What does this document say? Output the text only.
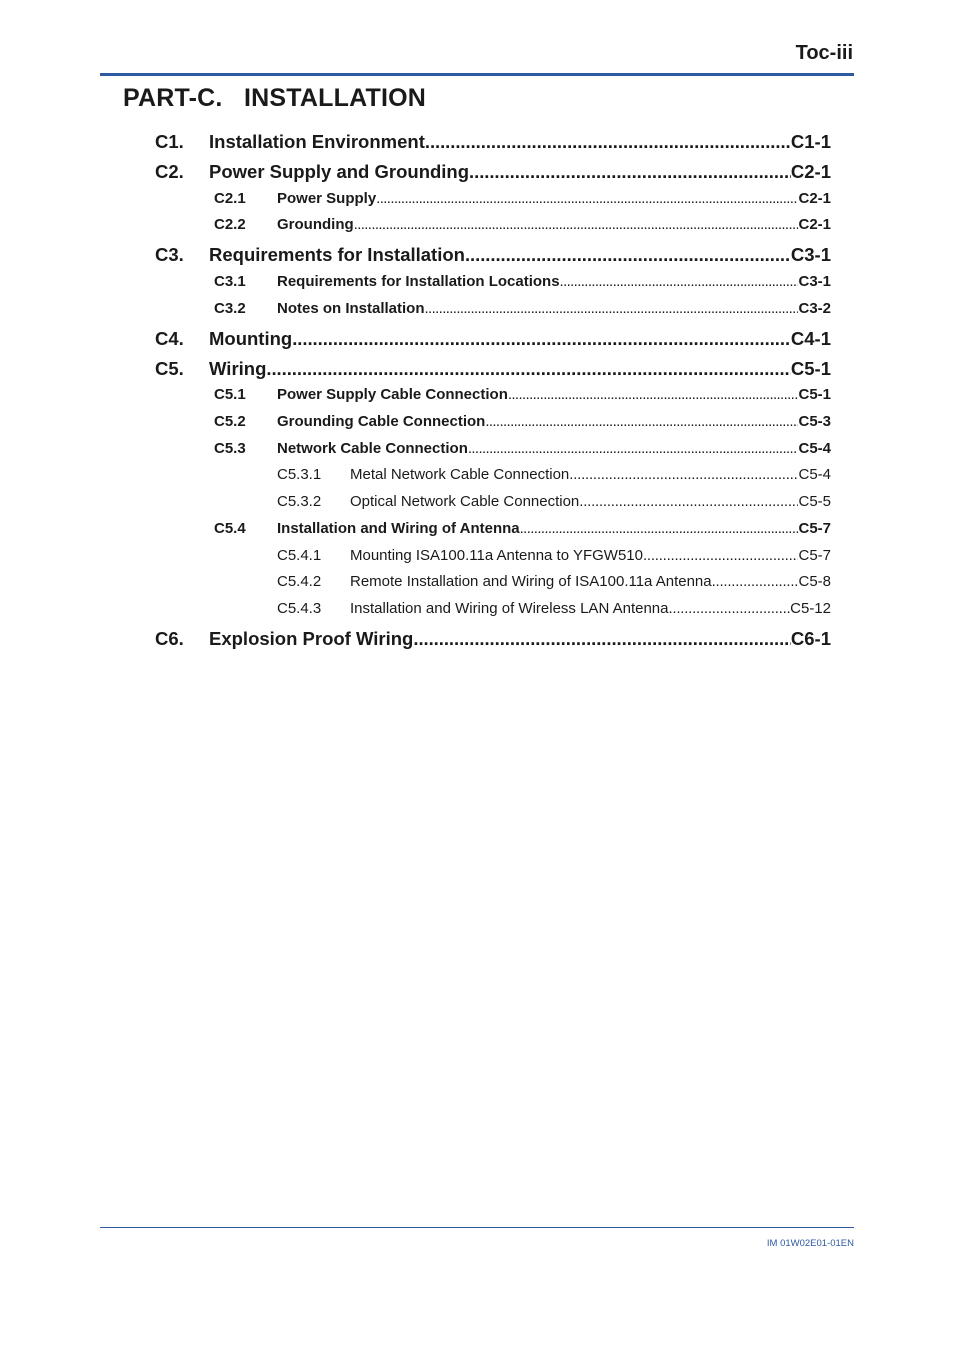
Toc-iii
PART-C.   INSTALLATION
C1.	Installation Environment . . .	C1-1
C2.	Power Supply and Grounding . . .	C2-1
C2.1	Power Supply . . .	C2-1
C2.2	Grounding . . .	C2-1
C3.	Requirements for Installation . . .	C3-1
C3.1	Requirements for Installation Locations . . .	C3-1
C3.2	Notes on Installation . . .	C3-2
C4.	Mounting . . .	C4-1
C5.	Wiring . . .	C5-1
C5.1	Power Supply Cable Connection . . .	C5-1
C5.2	Grounding Cable Connection . . .	C5-3
C5.3	Network Cable Connection . . .	C5-4
C5.3.1	Metal Network Cable Connection . . .	C5-4
C5.3.2	Optical Network Cable Connection . . .	C5-5
C5.4	Installation and Wiring of Antenna . . .	C5-7
C5.4.1	Mounting ISA100.11a Antenna to YFGW510 . . .	C5-7
C5.4.2	Remote Installation and Wiring of ISA100.11a Antenna . . .	C5-8
C5.4.3	Installation and Wiring of Wireless LAN Antenna . . .	C5-12
C6.	Explosion Proof Wiring . . .	C6-1
IM 01W02E01-01EN
